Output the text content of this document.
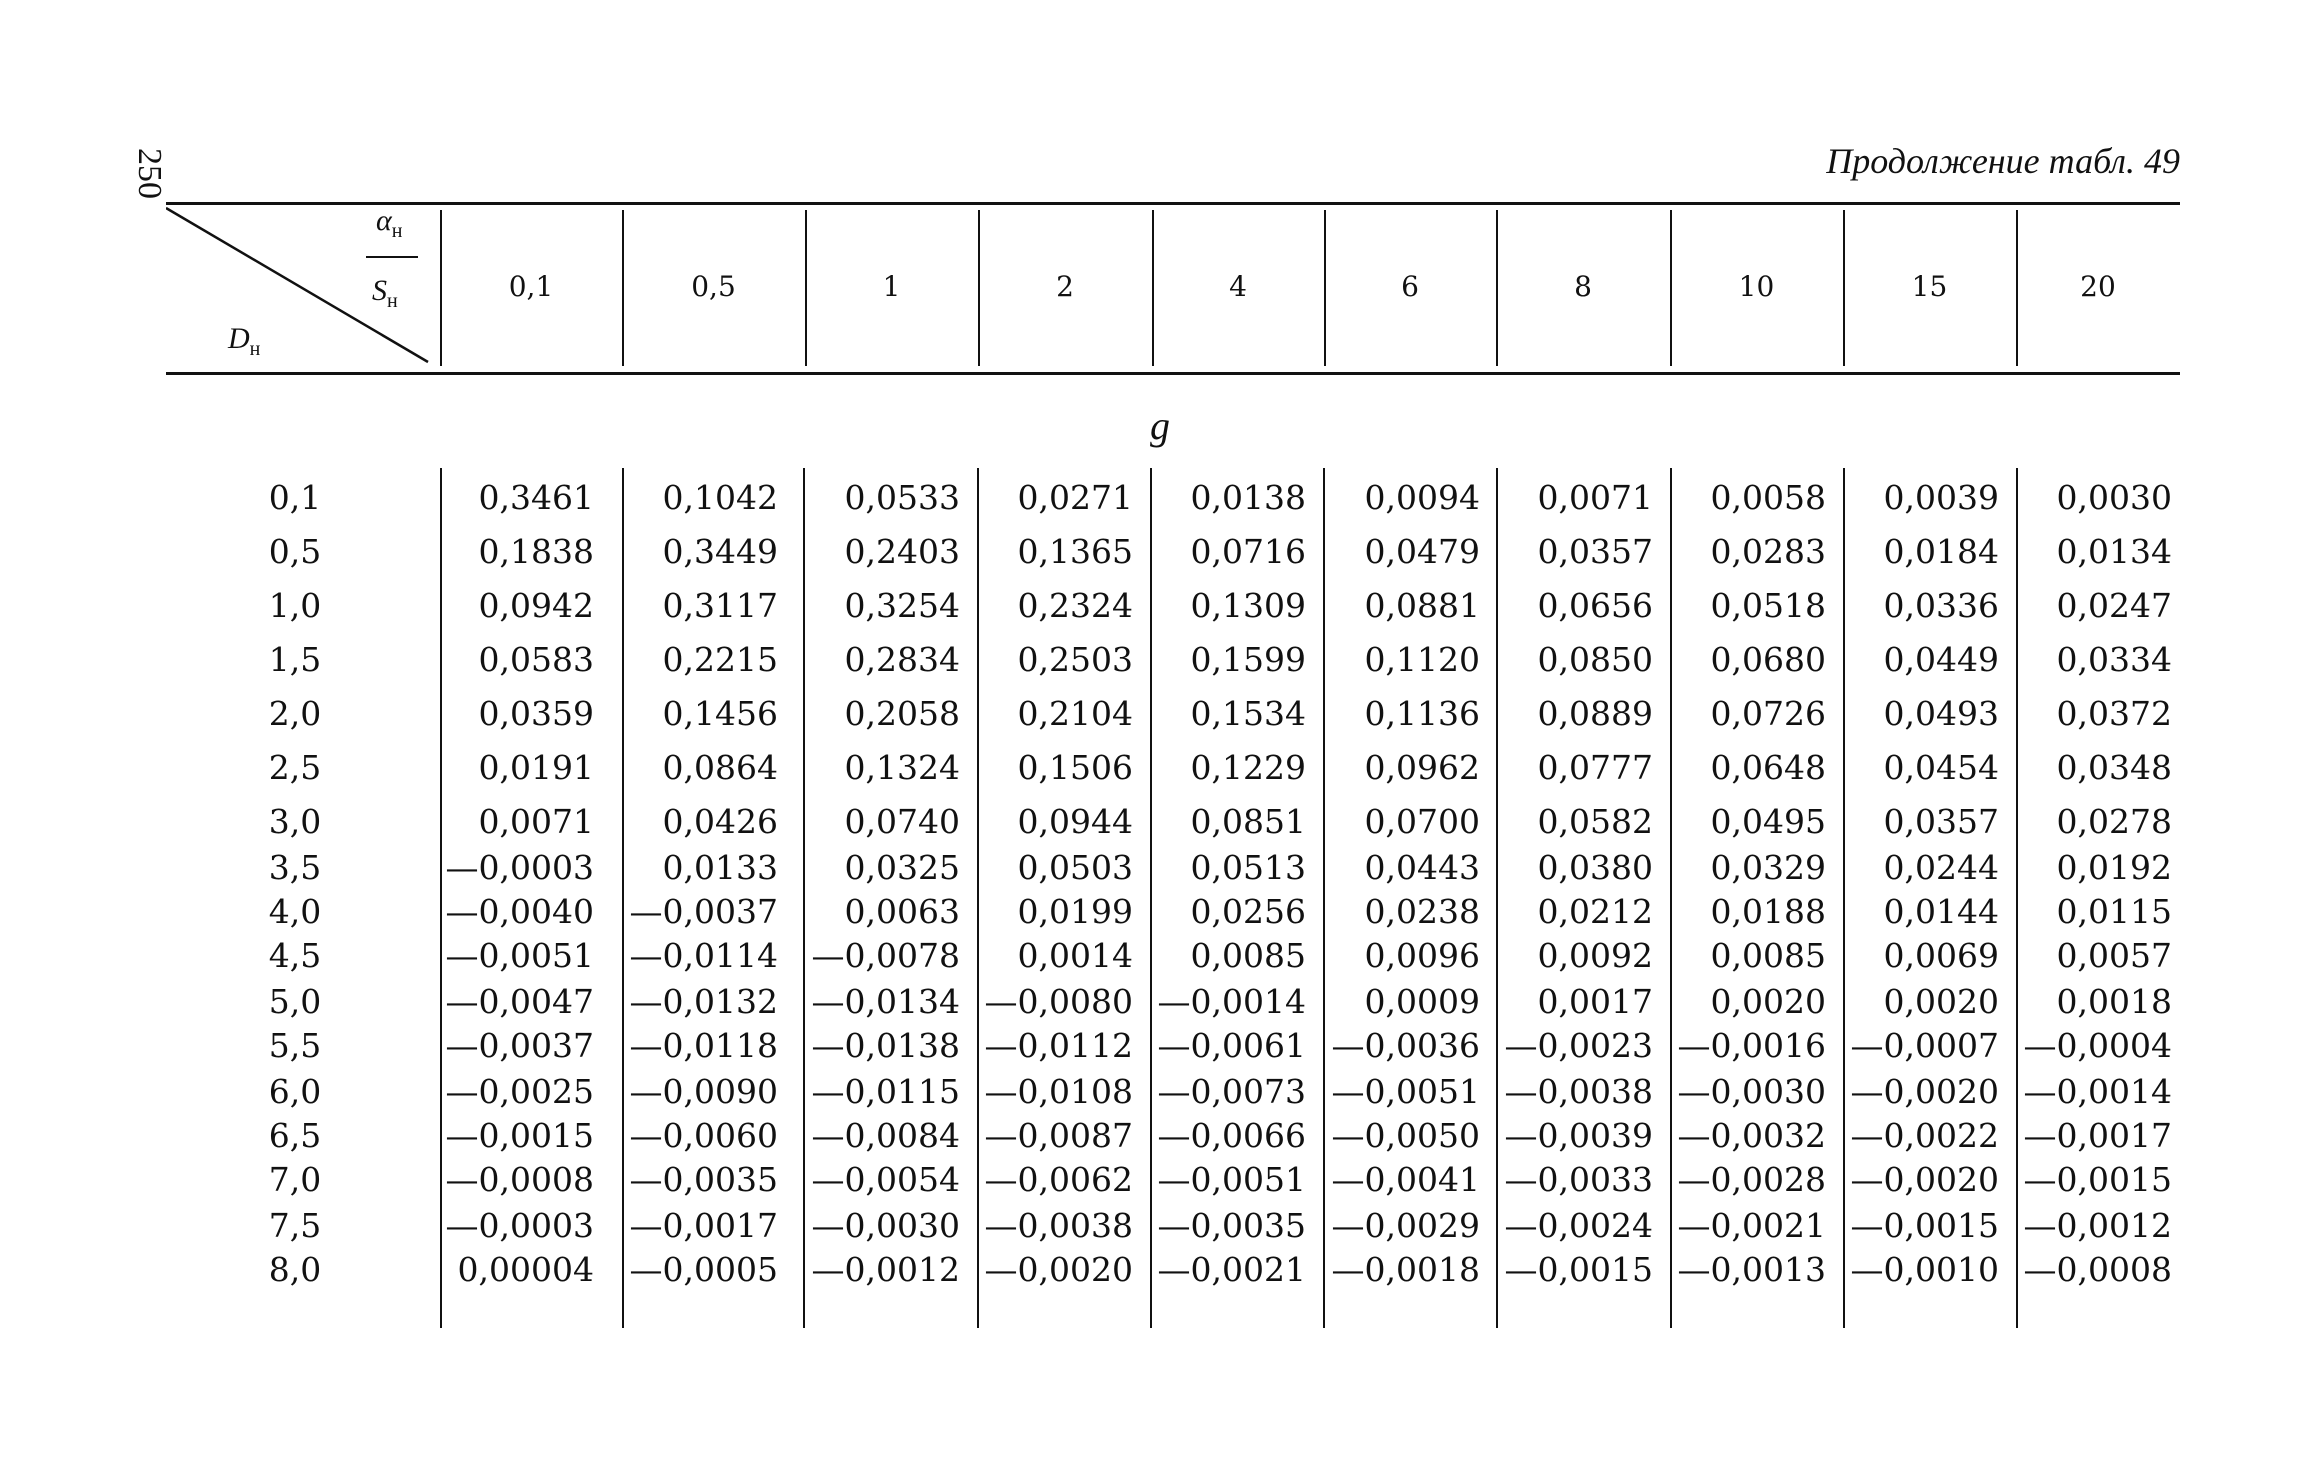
250	Продолжение табл. 49
$\alpha_н$
$S_н$
$D_н$
0,1	0,5	1	2	4	6	8	10	15	20
g
0,1	0,3461	0,1042	0,0533	0,0271	0,0138	0,0094	0,0071	0,0058	0,0039	0,0030
0,5	0,1838	0,3449	0,2403	0,1365	0,0716	0,0479	0,0357	0,0283	0,0184	0,0134
1,0	0,0942	0,3117	0,3254	0,2324	0,1309	0,0881	0,0656	0,0518	0,0336	0,0247
1,5	0,0583	0,2215	0,2834	0,2503	0,1599	0,1120	0,0850	0,0680	0,0449	0,0334
2,0	0,0359	0,1456	0,2058	0,2104	0,1534	0,1136	0,0889	0,0726	0,0493	0,0372
2,5	0,0191	0,0864	0,1324	0,1506	0,1229	0,0962	0,0777	0,0648	0,0454	0,0348
3,0	0,0071	0,0426	0,0740	0,0944	0,0851	0,0700	0,0582	0,0495	0,0357	0,0278
3,5	—0,0003	0,0133	0,0325	0,0503	0,0513	0,0443	0,0380	0,0329	0,0244	0,0192
4,0	—0,0040	—0,0037	0,0063	0,0199	0,0256	0,0238	0,0212	0,0188	0,0144	0,0115
4,5	—0,0051	—0,0114	—0,0078	0,0014	0,0085	0,0096	0,0092	0,0085	0,0069	0,0057
5,0	—0,0047	—0,0132	—0,0134 —0,0080 —0,0014	0,0009	0,0017	0,0020	0,0020	0,0018
5,5	—0,0037	—0,0118	—0,0138 —0,0112 —0,0061 —0,0036 —0,0023 —0,0016 —0,0007 —0,0004
6,0	—0,0025	—0,0090	—0,0115 —0,0108 —0,0073 —0,0051 —0,0038 —0,0030 —0,0020 —0,0014
6,5	—0,0015	—0,0060	—0,0084 —0,0087 —0,0066 —0,0050 —0,0039 —0,0032 —0,0022 —0,0017
7,0	—0,0008	—0,0035	—0,0054 —0,0062 —0,0051 —0,0041 —0,0033 —0,0028 —0,0020 —0,0015
7,5	—0,0003	—0,0017	—0,0030 —0,0038 —0,0035 —0,0029 —0,0024 —0,0021 —0,0015 —0,0012
8,0	0,00004	—0,0005	—0,0012 —0,0020 —0,0021 —0,0018 —0,0015 —0,0013 —0,0010 —0,0008
